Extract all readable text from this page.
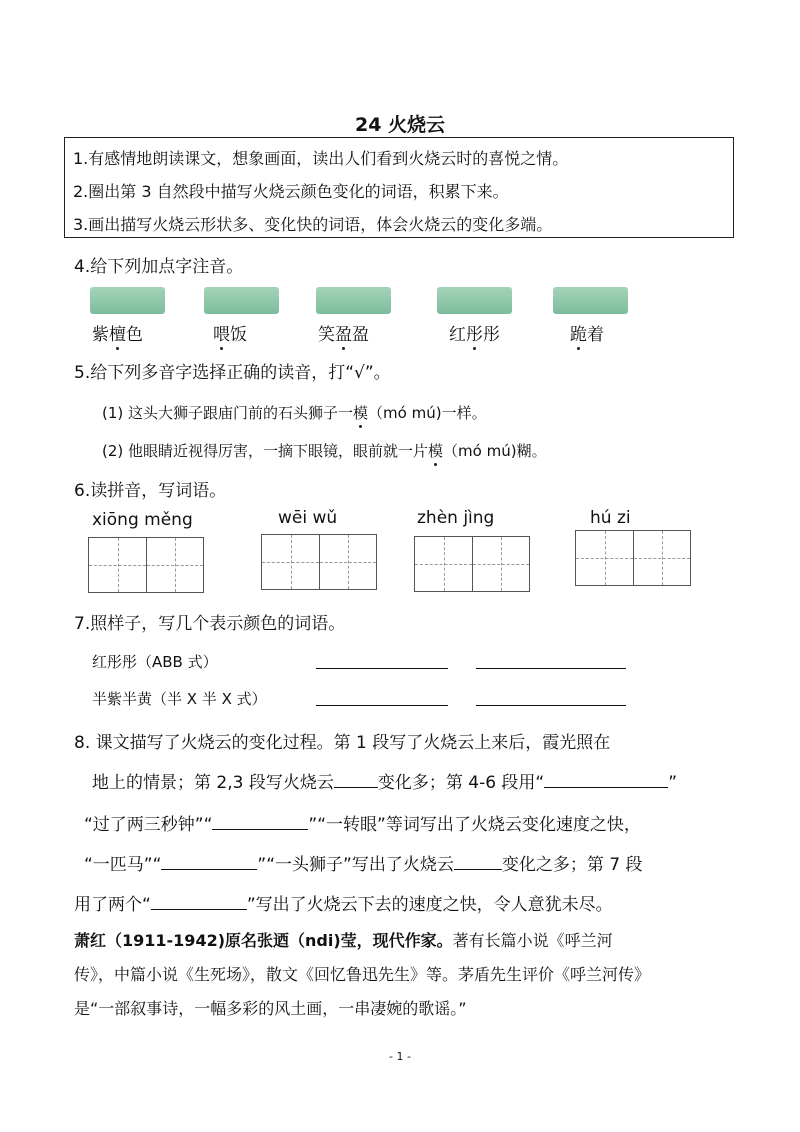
24 火烧云
1.有感情地朗读课文，想象画面，读出人们看到火烧云时的喜悦之情。
2.圈出第 3 自然段中描写火烧云颜色变化的词语，积累下来。
3.画出描写火烧云形状多、变化快的词语，体会火烧云的变化多端。
4.给下列加点字注音。
紫檀色	喂饭	笑盈盈	红彤彤	跪着
5.给下列多音字选择正确的读音，打“√”。
(1) 这头大狮子跟庙门前的石头狮子一模（mó mú)一样。
(2) 他眼睛近视得厉害，一摘下眼镜，眼前就一片模（mó mú)糊。
6.读拼音，写词语。
xiōng měng	wēi wǔ	zhèn jìng	hú zi
7.照样子，写几个表示颜色的词语。
红彤彤（ABB 式）
半紫半黄（半 X 半 X 式）
8. 课文描写了火烧云的变化过程。第 1 段写了火烧云上来后，霞光照在
地上的情景；第 2,3 段写火烧云	变化多；第 4-6 段用“	”
“过了两三秒钟”“	”“一转眼”等词写出了火烧云变化速度之快，
“一匹马”“	”“一头狮子”写出了火烧云	变化之多；第 7 段
用了两个“	”写出了火烧云下去的速度之快，令人意犹未尽。
萧红（1911-1942)原名张迺（ndi)莹，现代作家。著有长篇小说《呼兰河
传》，中篇小说《生死场》，散文《回忆鲁迅先生》等。茅盾先生评价《呼兰河传》
是“一部叙事诗，一幅多彩的风土画，一串凄婉的歌谣。”
- 1 -
